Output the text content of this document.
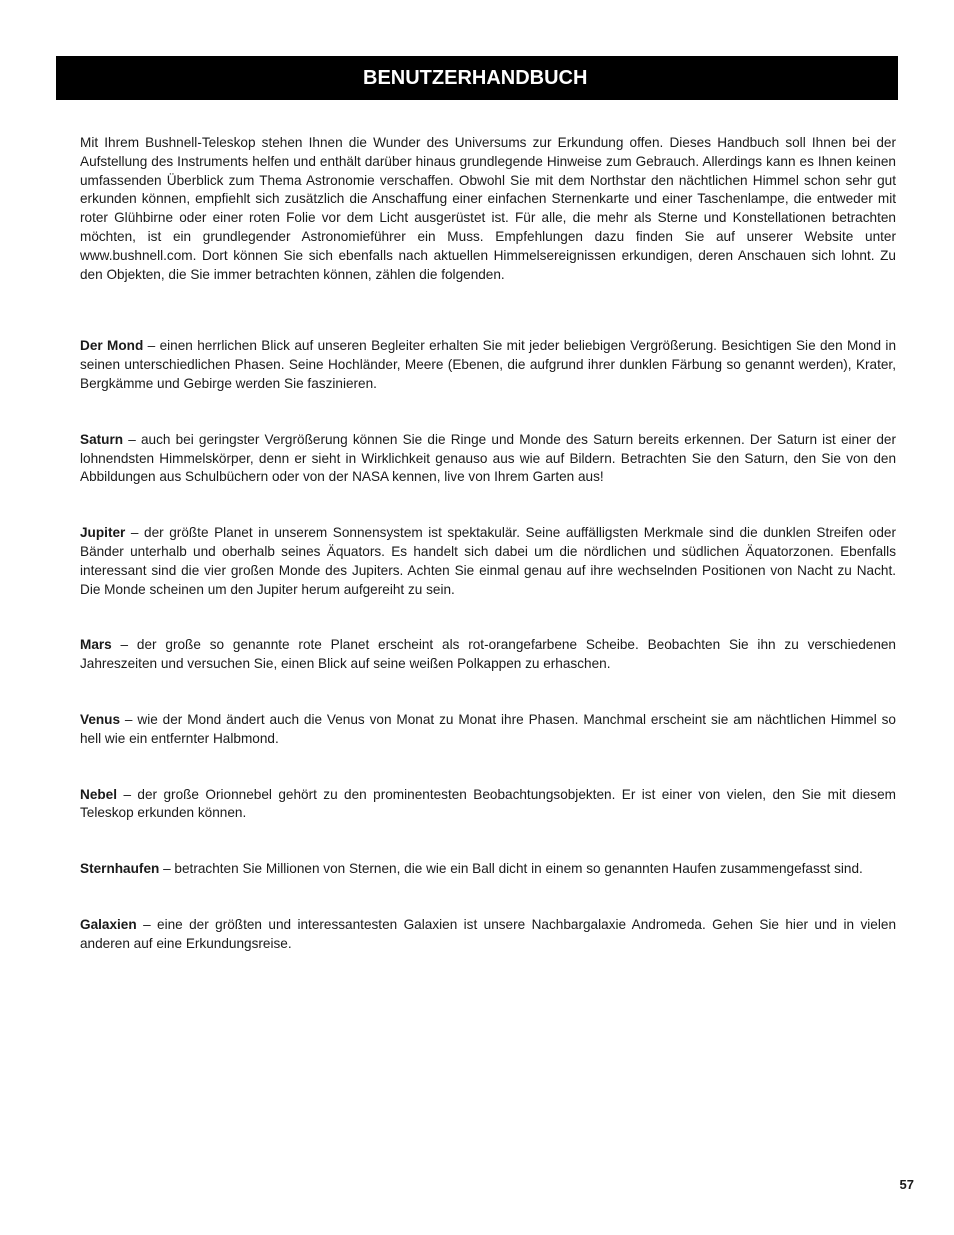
BENUTZERHANDBUCH

Mit Ihrem Bushnell-Teleskop stehen Ihnen die Wunder des Universums zur Erkundung offen. Dieses Handbuch soll Ihnen bei der Aufstellung des Instruments helfen und enthält darüber hinaus grundlegende Hinweise zum Gebrauch. Allerdings kann es Ihnen keinen umfassenden Überblick zum Thema Astronomie verschaffen. Obwohl Sie mit dem Northstar den nächtlichen Himmel schon sehr gut erkunden können, empfiehlt sich zusätzlich die Anschaffung einer einfachen Sternenkarte und einer Taschenlampe, die entweder mit roter Glühbirne oder einer roten Folie vor dem Licht ausgerüstet ist. Für alle, die mehr als Sterne und Konstellationen betrachten möchten, ist ein grundlegender Astronomieführer ein Muss. Empfehlungen dazu finden Sie auf unserer Website unter www.bushnell.com. Dort können Sie sich ebenfalls nach aktuellen Himmelsereignissen erkundigen, deren Anschauen sich lohnt. Zu den Objekten, die Sie immer betrachten können, zählen die folgenden.

Der Mond – einen herrlichen Blick auf unseren Begleiter erhalten Sie mit jeder beliebigen Vergrößerung. Besichtigen Sie den Mond in seinen unterschiedlichen Phasen. Seine Hochländer, Meere (Ebenen, die aufgrund ihrer dunklen Färbung so genannt werden), Krater, Bergkämme und Gebirge werden Sie faszinieren.

Saturn – auch bei geringster Vergrößerung können Sie die Ringe und Monde des Saturn bereits erkennen. Der Saturn ist einer der lohnendsten Himmelskörper, denn er sieht in Wirklichkeit genauso aus wie auf Bildern. Betrachten Sie den Saturn, den Sie von den Abbildungen aus Schulbüchern oder von der NASA kennen, live von Ihrem Garten aus!

Jupiter – der größte Planet in unserem Sonnensystem ist spektakulär. Seine auffälligsten Merkmale sind die dunklen Streifen oder Bänder unterhalb und oberhalb seines Äquators. Es handelt sich dabei um die nördlichen und südlichen Äquatorzonen. Ebenfalls interessant sind die vier großen Monde des Jupiters. Achten Sie einmal genau auf ihre wechselnden Positionen von Nacht zu Nacht. Die Monde scheinen um den Jupiter herum aufgereiht zu sein.

Mars – der große so genannte rote Planet erscheint als rot-orangefarbene Scheibe. Beobachten Sie ihn zu verschiedenen Jahreszeiten und versuchen Sie, einen Blick auf seine weißen Polkappen zu erhaschen.

Venus – wie der Mond ändert auch die Venus von Monat zu Monat ihre Phasen. Manchmal erscheint sie am nächtlichen Himmel so hell wie ein entfernter Halbmond.

Nebel – der große Orionnebel gehört zu den prominentesten Beobachtungsobjekten. Er ist einer von vielen, den Sie mit diesem Teleskop erkunden können.

Sternhaufen – betrachten Sie Millionen von Sternen, die wie ein Ball dicht in einem so genannten Haufen zusammengefasst sind.

Galaxien – eine der größten und interessantesten Galaxien ist unsere Nachbargalaxie Andromeda. Gehen Sie hier und in vielen anderen auf eine Erkundungsreise.

57
